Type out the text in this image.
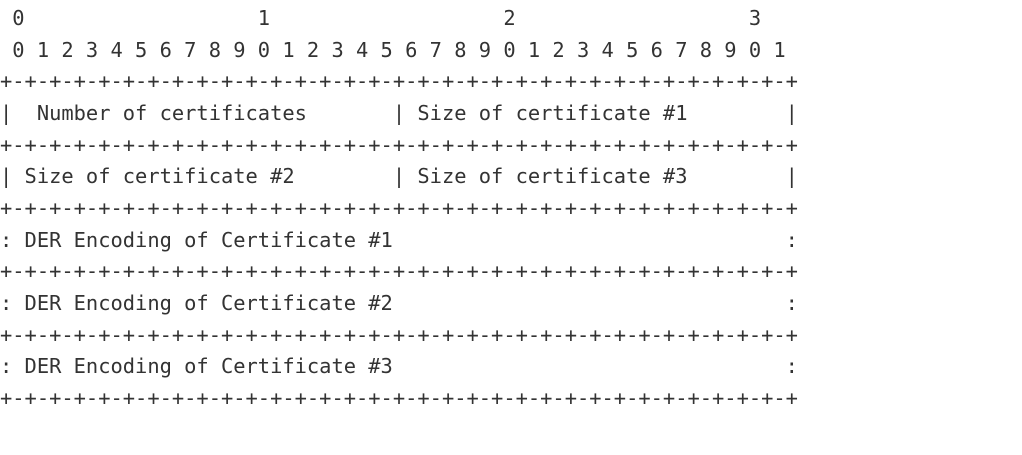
0                   1                   2                   3
0 1 2 3 4 5 6 7 8 9 0 1 2 3 4 5 6 7 8 9 0 1 2 3 4 5 6 7 8 9 0 1
+-+-+-+-+-+-+-+-+-+-+-+-+-+-+-+-+-+-+-+-+-+-+-+-+-+-+-+-+-+-+-+-+
|  Number of certificates       | Size of certificate #1        |
+-+-+-+-+-+-+-+-+-+-+-+-+-+-+-+-+-+-+-+-+-+-+-+-+-+-+-+-+-+-+-+-+
| Size of certificate #2        | Size of certificate #3        |
+-+-+-+-+-+-+-+-+-+-+-+-+-+-+-+-+-+-+-+-+-+-+-+-+-+-+-+-+-+-+-+-+
: DER Encoding of Certificate #1                                :
+-+-+-+-+-+-+-+-+-+-+-+-+-+-+-+-+-+-+-+-+-+-+-+-+-+-+-+-+-+-+-+-+
: DER Encoding of Certificate #2                                :
+-+-+-+-+-+-+-+-+-+-+-+-+-+-+-+-+-+-+-+-+-+-+-+-+-+-+-+-+-+-+-+-+
: DER Encoding of Certificate #3                                :
+-+-+-+-+-+-+-+-+-+-+-+-+-+-+-+-+-+-+-+-+-+-+-+-+-+-+-+-+-+-+-+-+
